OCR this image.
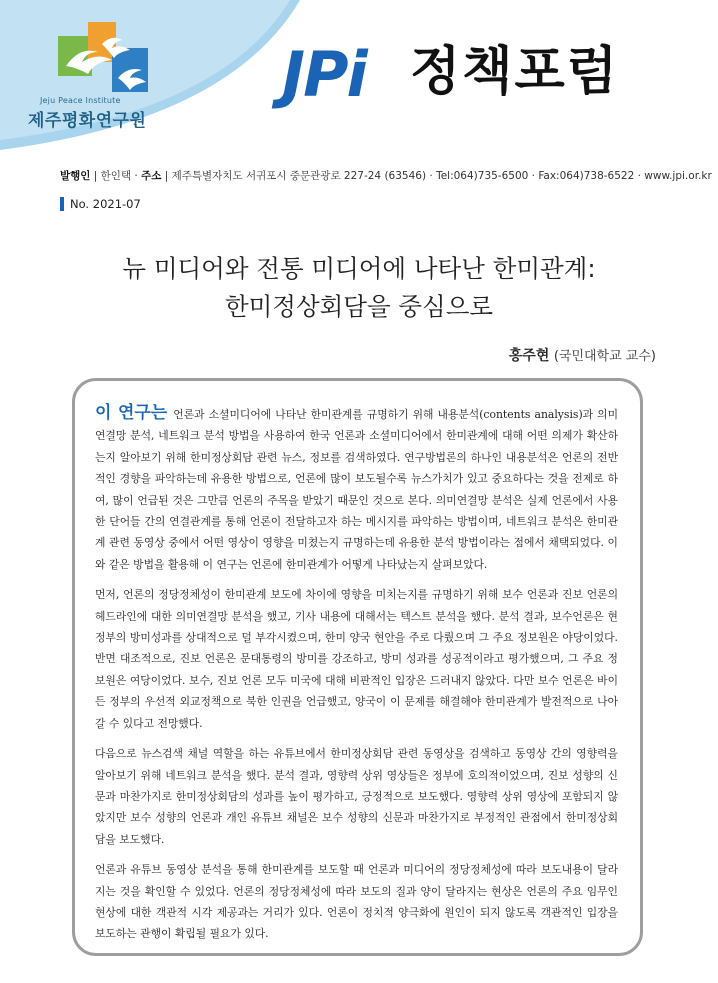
Jeju Peace Institute
제주평화연구원
JPi 정책포럼
발행인 | 한인택 · 주소 | 제주특별자치도 서귀포시 중문관광로 227-24 (63546) · Tel:064)735-6500 · Fax:064)738-6522 · www.jpi.or.kr
No. 2021-07
뉴 미디어와 전통 미디어에 나타난 한미관계:
한미정상회담을 중심으로
홍주현 (국민대학교 교수)

이 연구는 언론과 소셜미디어에 나타난 한미관계를 규명하기 위해 내용분석(contents analysis)과 의미연결망 분석, 네트워크 분석 방법을 사용하여 한국 언론과 소셜미디어에서 한미관계에 대해 어떤 의제가 확산하는지 알아보기 위해 한미정상회담 관련 뉴스, 정보를 검색하였다. 연구방법론의 하나인 내용분석은 언론의 전반적인 경향을 파악하는데 유용한 방법으로, 언론에 많이 보도될수록 뉴스가치가 있고 중요하다는 것을 전제로 하여, 많이 언급된 것은 그만큼 언론의 주목을 받았기 때문인 것으로 본다. 의미연결망 분석은 실제 언론에서 사용한 단어들 간의 연결관계를 통해 언론이 전달하고자 하는 메시지를 파악하는 방법이며, 네트워크 분석은 한미관계 관련 동영상 중에서 어떤 영상이 영향을 미쳤는지 규명하는데 유용한 분석 방법이라는 점에서 채택되었다. 이와 같은 방법을 활용해 이 연구는 언론에 한미관계가 어떻게 나타났는지 살펴보았다.

먼저, 언론의 정당정체성이 한미관계 보도에 차이에 영향을 미치는지를 규명하기 위해 보수 언론과 진보 언론의 헤드라인에 대한 의미연결망 분석을 했고, 기사 내용에 대해서는 텍스트 분석을 했다. 분석 결과, 보수언론은 현 정부의 방미성과를 상대적으로 덜 부각시켰으며, 한미 양국 현안을 주로 다뤘으며 그 주요 정보원은 야당이었다. 반면 대조적으로, 진보 언론은 문대통령의 방미를 강조하고, 방미 성과를 성공적이라고 평가했으며, 그 주요 정보원은 여당이었다. 보수, 진보 언론 모두 미국에 대해 비판적인 입장은 드러내지 않았다. 다만 보수 언론은 바이든 정부의 우선적 외교정책으로 북한 인권을 언급했고, 양국이 이 문제를 해결해야 한미관계가 발전적으로 나아갈 수 있다고 전망했다.

다음으로 뉴스검색 채널 역할을 하는 유튜브에서 한미정상회담 관련 동영상을 검색하고 동영상 간의 영향력을 알아보기 위해 네트워크 분석을 했다. 분석 결과, 영향력 상위 영상들은 정부에 호의적이었으며, 진보 성향의 신문과 마찬가지로 한미정상회담의 성과를 높이 평가하고, 긍정적으로 보도했다. 영향력 상위 영상에 포함되지 않았지만 보수 성향의 언론과 개인 유튜브 채널은 보수 성향의 신문과 마찬가지로 부정적인 관점에서 한미정상회담을 보도했다.

언론과 유튜브 동영상 분석을 통해 한미관계를 보도할 때 언론과 미디어의 정당정체성에 따라 보도내용이 달라지는 것을 확인할 수 있었다. 언론의 정당정체성에 따라 보도의 질과 양이 달라지는 현상은 언론의 주요 임무인 현상에 대한 객관적 시각 제공과는 거리가 있다. 언론이 정치적 양극화에 원인이 되지 않도록 객관적인 입장을 보도하는 관행이 확립될 필요가 있다.
